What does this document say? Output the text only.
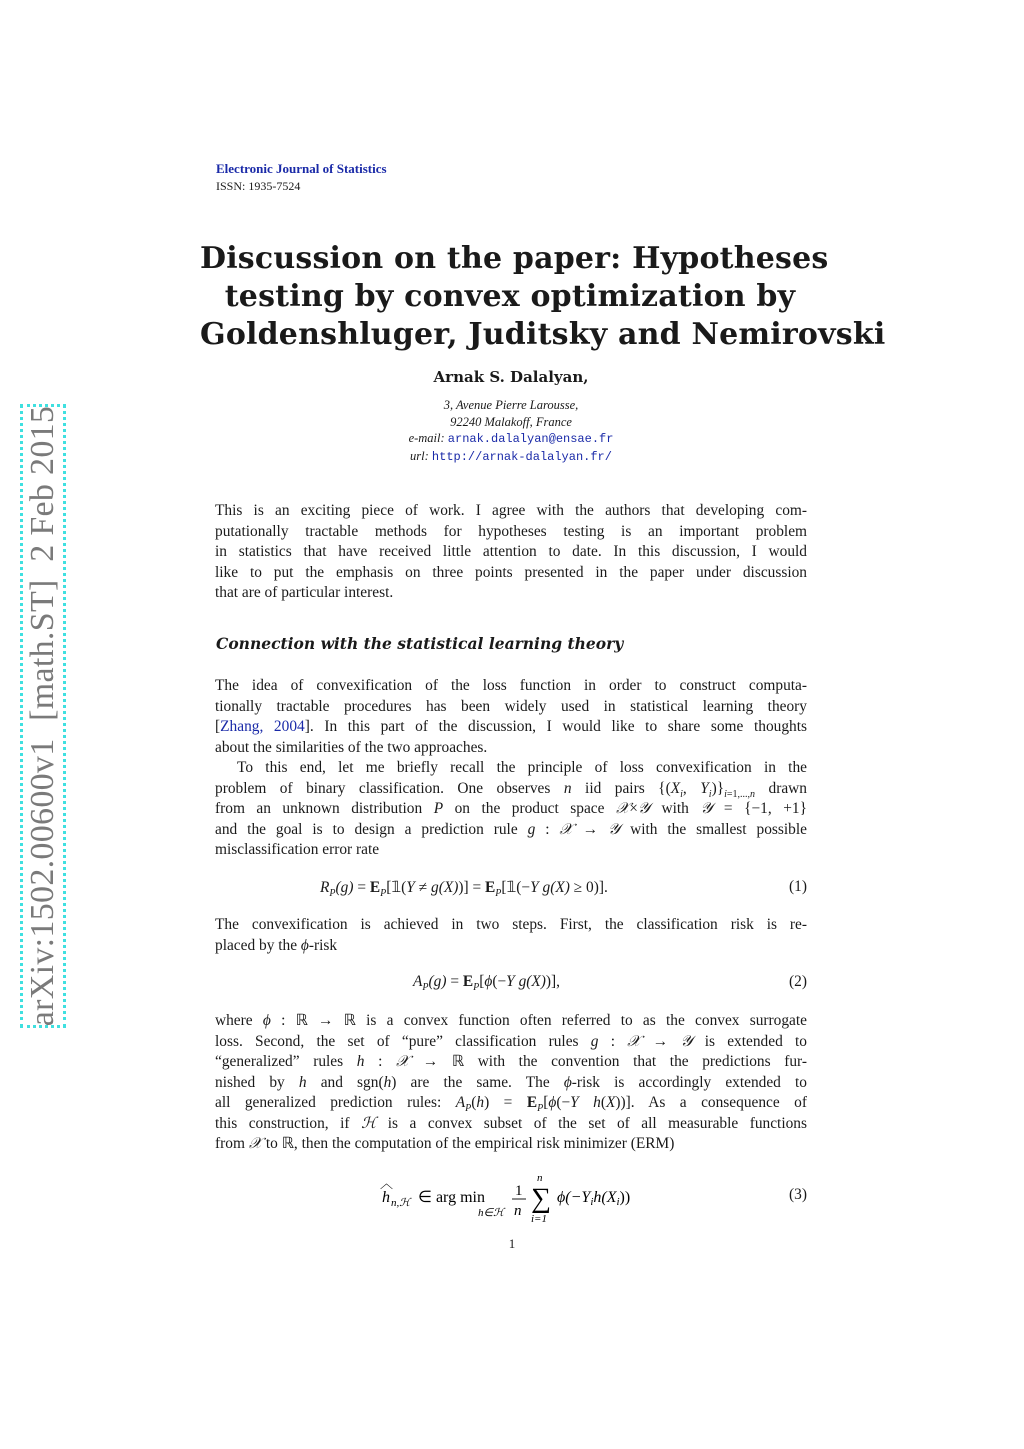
arXiv:1502.00600v1  [math.ST]  2 Feb 2015
Electronic Journal of Statistics
ISSN: 1935-7524
Discussion on the paper: Hypotheses
testing by convex optimization by
Goldenshluger, Juditsky and Nemirovski
Arnak S. Dalalyan,
3, Avenue Pierre Larousse,
92240 Malakoff, France
e-mail: arnak.dalalyan@ensae.fr
url: http://arnak-dalalyan.fr/
This is an exciting piece of work. I agree with the authors that developing com-
putationally tractable methods for hypotheses testing is an important problem
in statistics that have received little attention to date. In this discussion, I would
like to put the emphasis on three points presented in the paper under discussion
that are of particular interest.
Connection with the statistical learning theory
The idea of convexification of the loss function in order to construct computa-
tionally tractable procedures has been widely used in statistical learning theory
[Zhang, 2004]. In this part of the discussion, I would like to share some thoughts
about the similarities of the two approaches.
To this end, let me briefly recall the principle of loss convexification in the
problem of binary classification. One observes n iid pairs {($X_i$, $Y_i)\}_{i=1,...,n}$ drawn
from an unknown distribution P on the product space 𝒳×𝒴 with 𝒴 = {−1, +1}
and the goal is to design a prediction rule g : 𝒳 → 𝒴 with the smallest possible
misclassification error rate
$R_P(g)$ = $E_P[𝟙(Y \ne g(X))]$ = $E_P[𝟙(-Y$ g(X) ≥ 0)].	(1)
The convexification is achieved in two steps. First, the classification risk is re-
placed by the ϕ-risk
$A_P(g) = E_P[\phi(-Y$ g(X))],	(2)
where ϕ : ℝ → ℝ is a convex function often referred to as the convex surrogate
loss. Second, the set of “pure” classification rules g : 𝒳 → 𝒴 is extended to
“generalized” rules h : 𝒳 → ℝ with the convention that the predictions fur-
nished by h and sgn(h) are the same. The ϕ-risk is accordingly extended to
all generalized prediction rules: $A_P(h) = E_P[\phi(-Y$ h(X))]. As a consequence of
this construction, if ℋ is a convex subset of the set of all measurable functions
from 𝒳 to ℝ, then the computation of the empirical risk minimizer (ERM)
h
︿
n,ℋ ∈ arg min
h∈ℋ
1
n
n
∑
i=1
ϕ(−Yih(Xi))	(3)
1
